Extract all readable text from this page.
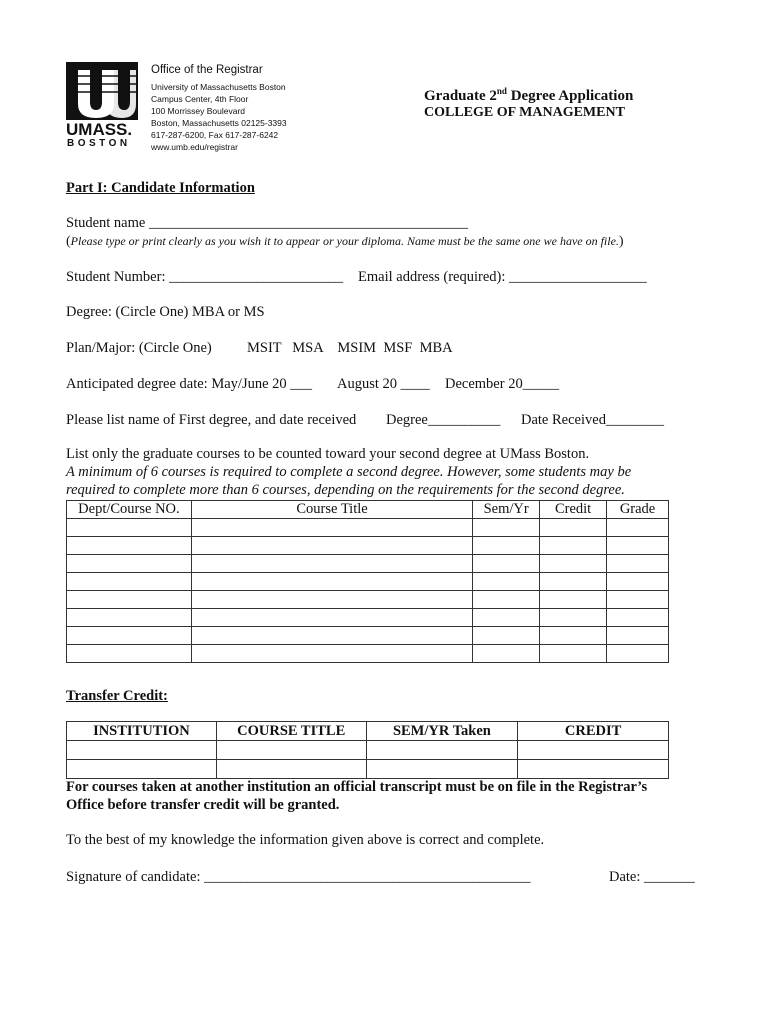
UMASS.
BOSTON
Office of the Registrar
University of Massachusetts Boston
Campus Center, 4th Floor
100 Morrissey Boulevard
Boston, Massachusetts 02125-3393
617-287-6200, Fax 617-287-6242
www.umb.edu/registrar
Graduate 2nd Degree Application
COLLEGE OF MANAGEMENT
Part I: Candidate Information
Student name ____________________________________________
(Please type or print clearly as you wish it to appear or your diploma. Name must be the same one we have on file.)
Student Number: ________________________ Email address (required): ___________________
Degree: (Circle One) MBA or MS
Plan/Major: (Circle One) MSIT   MSA    MSIM  MSF  MBA
Anticipated degree date: May/June 20 ___ August 20 ____ December 20_____
Please list name of First degree, and date received Degree__________ Date Received________
List only the graduate courses to be counted toward your second degree at UMass Boston.
A minimum of 6 courses is required to complete a second degree. However, some students may be
required to complete more than 6 courses, depending on the requirements for the second degree.
Dept/Course NO.	Course Title	Sem/Yr	Credit	Grade

Transfer Credit:
INSTITUTION	COURSE TITLE	SEM/YR Taken	CREDIT

For courses taken at another institution an official transcript must be on file in the Registrar’s
Office before transfer credit will be granted.
To the best of my knowledge the information given above is correct and complete.
Signature of candidate: _____________________________________________	Date: _______
